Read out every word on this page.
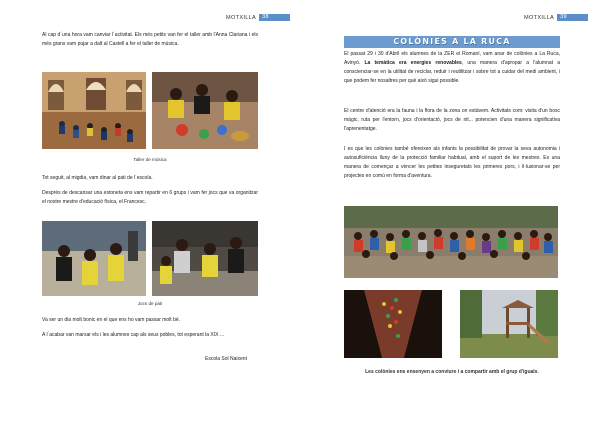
MOTXILLA 38
Al cap d´una hora vam canviar l´activitat. Els més petits van fer el taller amb l'Anna Clariana i els més grans vam pujar a dalt al Castell a fer el taller de música.
Taller de música
Tot seguit, al migdia, vam dinar al pati de l´escola.
Després de descansar una estoneta ens vam repartir en 6 grups i vam fer jocs que va organitzar el nostre mestre d'educació física, el Francesc.
Jocs de pati
Va ser un dia molt bonic en el que ens ho vam passar molt bé.
A l´acabar van marxar els i les alumnes cap als seus pobles, tot esperant la XIX ...
Escola Sol Naixent
MOTXILLA 39
COLÒNIES A LA RUCA
El passat 29 i 30 d'Abril els alumnes de la ZER el Romaní, vam anar de colònies a La Ruca, Avinyó. La temàtica era energies renovables, una manera d'apropar a l'alumnat a conscienciar-se en la utilitat de reciclar, reduir i reutilitzar i sobre tot a cuidar del medi ambient, i que podem fer nosaltres per què això sigui possible.
El centre d'atenció era la fauna i la flora de la zona on estàvem. Activitats com: visita d'un bosc màgic, ruta per l'entorn, jocs d'orientació, jocs de nit... potencien d'una manera significativa l'aprenentatge.
I es que les colònies també ofereixen als infants la possibilitat de provar la seva autonomia i autosuficiència lluny de la protecció familiar habitual, amb el suport de les mestres. Es una manera de començar a vèncer les petites inseguretats les primeres pors, i il·lusionar-se per projectes en comú en forma d'aventura.
Les colònies ens ensenyen a conviure i a compartir amb el grup d'iguals.
